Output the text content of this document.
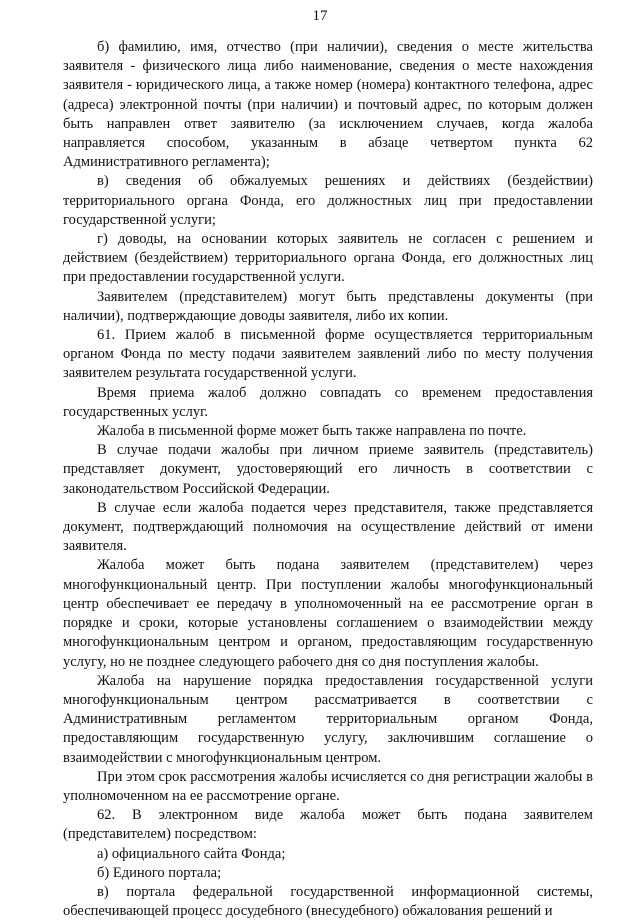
17

б) фамилию, имя, отчество (при наличии), сведения о месте жительства заявителя - физического лица либо наименование, сведения о месте нахождения заявителя - юридического лица, а также номер (номера) контактного телефона, адрес (адреса) электронной почты (при наличии) и почтовый адрес, по которым должен быть направлен ответ заявителю (за исключением случаев, когда жалоба направляется способом, указанным в абзаце четвертом пункта 62 Административного регламента);

в) сведения об обжалуемых решениях и действиях (бездействии) территориального органа Фонда, его должностных лиц при предоставлении государственной услуги;

г) доводы, на основании которых заявитель не согласен с решением и действием (бездействием) территориального органа Фонда, его должностных лиц при предоставлении государственной услуги.

Заявителем (представителем) могут быть представлены документы (при наличии), подтверждающие доводы заявителя, либо их копии.

61. Прием жалоб в письменной форме осуществляется территориальным органом Фонда по месту подачи заявителем заявлений либо по месту получения заявителем результата государственной услуги.

Время приема жалоб должно совпадать со временем предоставления государственных услуг.

Жалоба в письменной форме может быть также направлена по почте.

В случае подачи жалобы при личном приеме заявитель (представитель) представляет документ, удостоверяющий его личность в соответствии с законодательством Российской Федерации.

В случае если жалоба подается через представителя, также представляется документ, подтверждающий полномочия на осуществление действий от имени заявителя.

Жалоба может быть подана заявителем (представителем) через многофункциональный центр. При поступлении жалобы многофункциональный центр обеспечивает ее передачу в уполномоченный на ее рассмотрение орган в порядке и сроки, которые установлены соглашением о взаимодействии между многофункциональным центром и органом, предоставляющим государственную услугу, но не позднее следующего рабочего дня со дня поступления жалобы.

Жалоба на нарушение порядка предоставления государственной услуги многофункциональным центром рассматривается в соответствии с Административным регламентом территориальным органом Фонда, предоставляющим государственную услугу, заключившим соглашение о взаимодействии с многофункциональным центром.

При этом срок рассмотрения жалобы исчисляется со дня регистрации жалобы в уполномоченном на ее рассмотрение органе.

62. В электронном виде жалоба может быть подана заявителем (представителем) посредством:

а) официального сайта Фонда;

б) Единого портала;

в) портала федеральной государственной информационной системы, обеспечивающей процесс досудебного (внесудебного) обжалования решений и
